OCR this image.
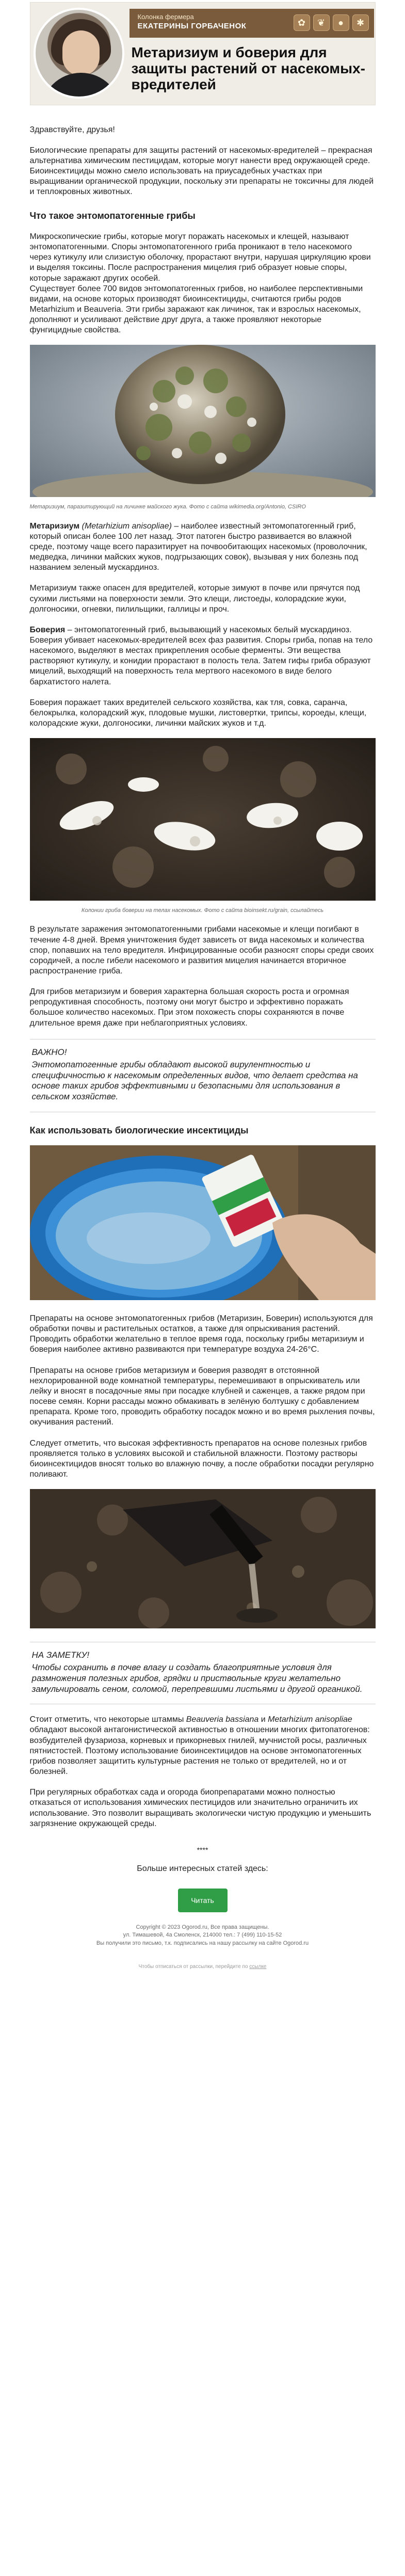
Колонка фермера
ЕКАТЕРИНЫ ГОРБАЧЕНОК	✿	❦	●	✱
Метаризиум и боверия для защиты растений от насекомых-вредителей
Здравствуйте, друзья!

Биологические препараты для защиты растений от насекомых-вредителей – прекрасная альтернатива химическим пестицидам, которые могут нанести вред окружающей среде. Биоинсектициды можно смело использовать на приусадебных участках при выращивании органической продукции, поскольку эти препараты не токсичны для людей и теплокровных животных.

Что такое энтомопатогенные грибы

Микроскопические грибы, которые могут поражать насекомых и клещей, называют энтомопатогенными. Споры энтомопатогенного гриба проникают в тело насекомого через кутикулу или слизистую оболочку, прорастают внутри, нарушая циркуляцию крови и выделяя токсины. После распространения мицелия гриб образует новые споры, которые заражают других особей.

Существует более 700 видов энтомопатогенных грибов, но наиболее перспективными видами, на основе которых производят биоинсектициды, считаются грибы родов Metarhizium и Beauveria. Эти грибы заражают как личинок, так и взрослых насекомых, дополняют и усиливают действие друг друга, а также проявляют некоторые фунгицидные свойства.

Метаризиум, паразитирующий на личинке майского жука. Фото с сайта wikimedia.org/Antonio, CSIRO

Метаризиум (Metarhizium anisopliae) – наиболее известный энтомопатогенный гриб, который описан более 100 лет назад. Этот патоген быстро развивается во влажной среде, поэтому чаще всего паразитирует на почвообитающих насекомых (проволочник, медведка, личинки майских жуков, подгрызающих совок), вызывая у них болезнь под названием зеленый мускардиноз.

Метаризиум также опасен для вредителей, которые зимуют в почве или прячутся под сухими листьями на поверхности земли. Это клещи, листоеды, колорадские жуки, долгоносики, огневки, пилильщики, галлицы и проч.

Боверия – энтомопатогенный гриб, вызывающий у насекомых белый мускардиноз. Боверия убивает насекомых-вредителей всех фаз развития. Споры гриба, попав на тело насекомого, выделяют в местах прикрепления особые ферменты. Эти вещества растворяют кутикулу, и конидии прорастают в полость тела. Затем гифы гриба образуют мицелий, выходящий на поверхность тела мертвого насекомого в виде белого бархатистого налета.

Боверия поражает таких вредителей сельского хозяйства, как тля, совка, саранча, белокрылка, колорадский жук, плодовые мушки, листовертки, трипсы, короеды, клещи, колорадские жуки, долгоносики, личинки майских жуков и т.д.

Колонии гриба боверии на телах насекомых. Фото с сайта bioinsekt.ru/grain, ссылайтесь

В результате заражения энтомопатогенными грибами насекомые и клещи погибают в течение 4-8 дней. Время уничтожения будет зависеть от вида насекомых и количества спор, попавших на тело вредителя. Инфицированные особи разносят споры среди своих сородичей, а после гибели насекомого и развития мицелия начинается вторичное распространение гриба.

Для грибов метаризиум и боверия характерна большая скорость роста и огромная репродуктивная способность, поэтому они могут быстро и эффективно поражать большое количество насекомых. При этом похожесть споры сохраняются в почве длительное время даже при неблагоприятных условиях.

ВАЖНО!
Энтомопатогенные грибы обладают высокой вирулентностью и специфичностью к насекомым определенных видов, что делает средства на основе таких грибов эффективными и безопасными для использования в сельском хозяйстве.
Как использовать биологические инсектициды

Препараты на основе энтомопатогенных грибов (Метаризин, Боверин) используются для обработки почвы и растительных остатков, а также для опрыскивания растений. Проводить обработки желательно в теплое время года, поскольку грибы метаризиум и боверия наиболее активно развиваются при температуре воздуха 24-26°С.

Препараты на основе грибов метаризиум и боверия разводят в отстоянной нехлорированной воде комнатной температуры, перемешивают в опрыскиватель или лейку и вносят в посадочные ямы при посадке клубней и саженцев, а также рядом при посеве семян. Корни рассады можно обмакивать в зелёную болтушку с добавлением препарата. Кроме того, проводить обработку посадок можно и во время рыхления почвы, окучивания растений.

Следует отметить, что высокая эффективность препаратов на основе полезных грибов проявляется только в условиях высокой и стабильной влажности. Поэтому растворы биоинсектицидов вносят только во влажную почву, а после обработки посадки регулярно поливают.

НА ЗАМЕТКУ!
Чтобы сохранить в почве влагу и создать благоприятные условия для размножения полезных грибов, грядки и приствольные круги желательно замульчировать сеном, соломой, перепревшими листьями и другой органикой.

Стоит отметить, что некоторые штаммы Beauveria bassiana и Metarhizium anisopliae обладают высокой антагонистической активностью в отношении многих фитопатогенов: возбудителей фузариоза, корневых и прикорневых гнилей, мучнистой росы, различных пятнистостей. Поэтому использование биоинсектицидов на основе энтомопатогенных грибов позволяет защитить культурные растения не только от вредителей, но и от болезней.

При регулярных обработках сада и огорода биопрепаратами можно полностью отказаться от использования химических пестицидов или значительно ограничить их использование. Это позволит выращивать экологически чистую продукцию и уменьшить загрязнение окружающей среды.

****
Больше интересных статей здесь:
Читать
Copyright © 2023 Ogorod.ru, Все права защищены.
ул. Тимашевой, 4а Смоленск, 214000 тел.: 7 (499) 110-15-52
Вы получили это письмо, т.к. подписались на нашу рассылку на сайте Ogorod.ru
Чтобы отписаться от рассылки, перейдите по ссылке
